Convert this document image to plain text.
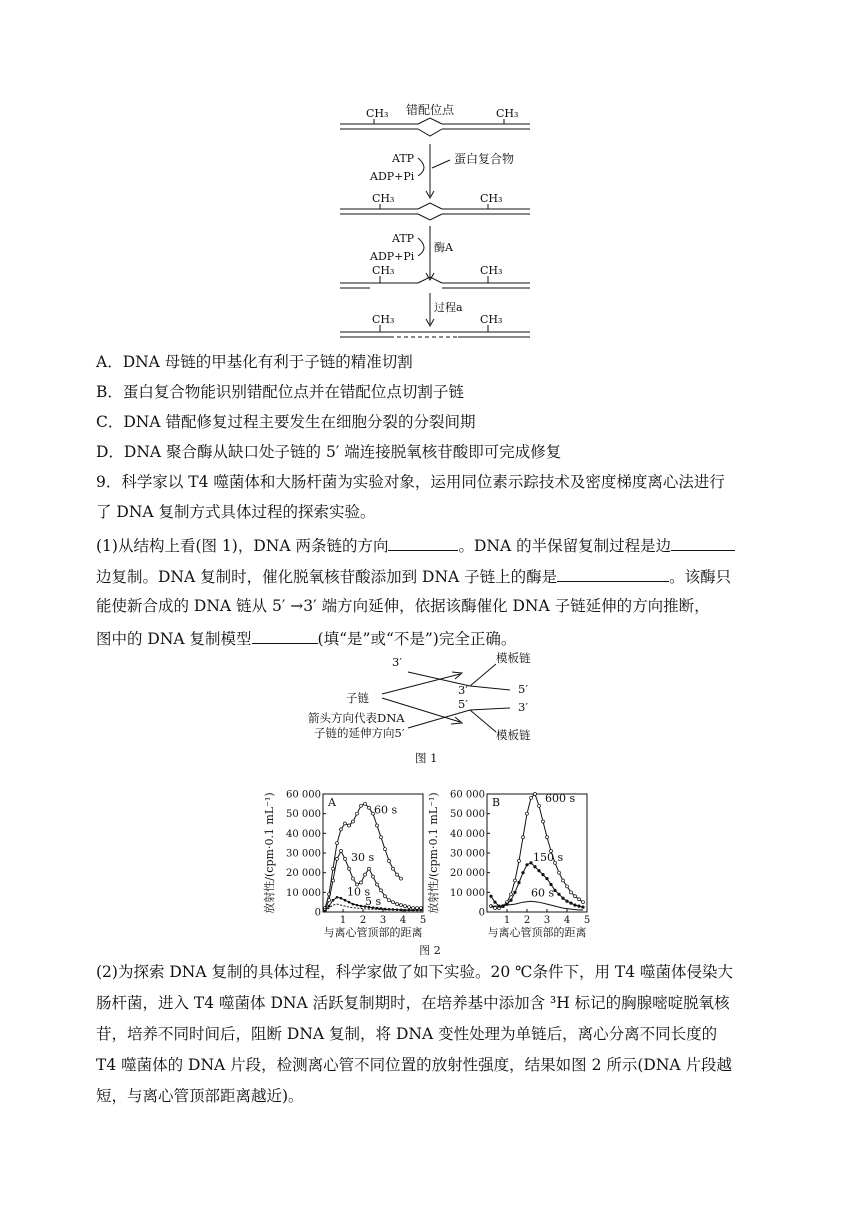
CH₃	CH₃
错配位点
ATP
ADP+Pi
蛋白复合物
CH₃	CH₃
ATP
ADP+Pi
酶A
CH₃	CH₃
过程a
CH₃	CH₃
A．DNA 母链的甲基化有利于子链的精准切割
B．蛋白复合物能识别错配位点并在错配位点切割子链
C．DNA 错配修复过程主要发生在细胞分裂的分裂间期
D．DNA 聚合酶从缺口处子链的 5′ 端连接脱氧核苷酸即可完成修复
9．科学家以 T4 噬菌体和大肠杆菌为实验对象，运用同位素示踪技术及密度梯度离心法进行
了 DNA 复制方式具体过程的探索实验。
(1)从结构上看(图 1)，DNA 两条链的方向	。DNA 的半保留复制过程是边
边复制。DNA 复制时，催化脱氧核苷酸添加到 DNA 子链上的酶是	。该酶只
能使新合成的 DNA 链从 5′ →3′ 端方向延伸，依据该酶催化 DNA 子链延伸的方向推断，
图中的 DNA 复制模型	(填“是”或“不是”)完全正确。
3′	模板链
3′	5′
子链	5′	3′
箭头方向代表DNA
子链的延伸方向5′	模板链
图 1
0
10 000
20 000
30 000
40 000
50 000
60 000
1 2 3 4 5
A
放射性/(cpm·0.1 mL⁻¹)
与离心管顶部的距离
60 s
30 s
10 s
5 s
0
10 000
20 000
30 000
40 000
50 000
60 000
1 2 3 4 5
B
放射性/(cpm·0.1 mL⁻¹)
与离心管顶部的距离
600 s
150 s
60 s
图 2
(2)为探索 DNA 复制的具体过程，科学家做了如下实验。20 ℃条件下，用 T4 噬菌体侵染大
肠杆菌，进入 T4 噬菌体 DNA 活跃复制期时，在培养基中添加含 ³H 标记的胸腺嘧啶脱氧核
苷，培养不同时间后，阻断 DNA 复制，将 DNA 变性处理为单链后，离心分离不同长度的
T4 噬菌体的 DNA 片段，检测离心管不同位置的放射性强度，结果如图 2 所示(DNA 片段越
短，与离心管顶部距离越近)。
